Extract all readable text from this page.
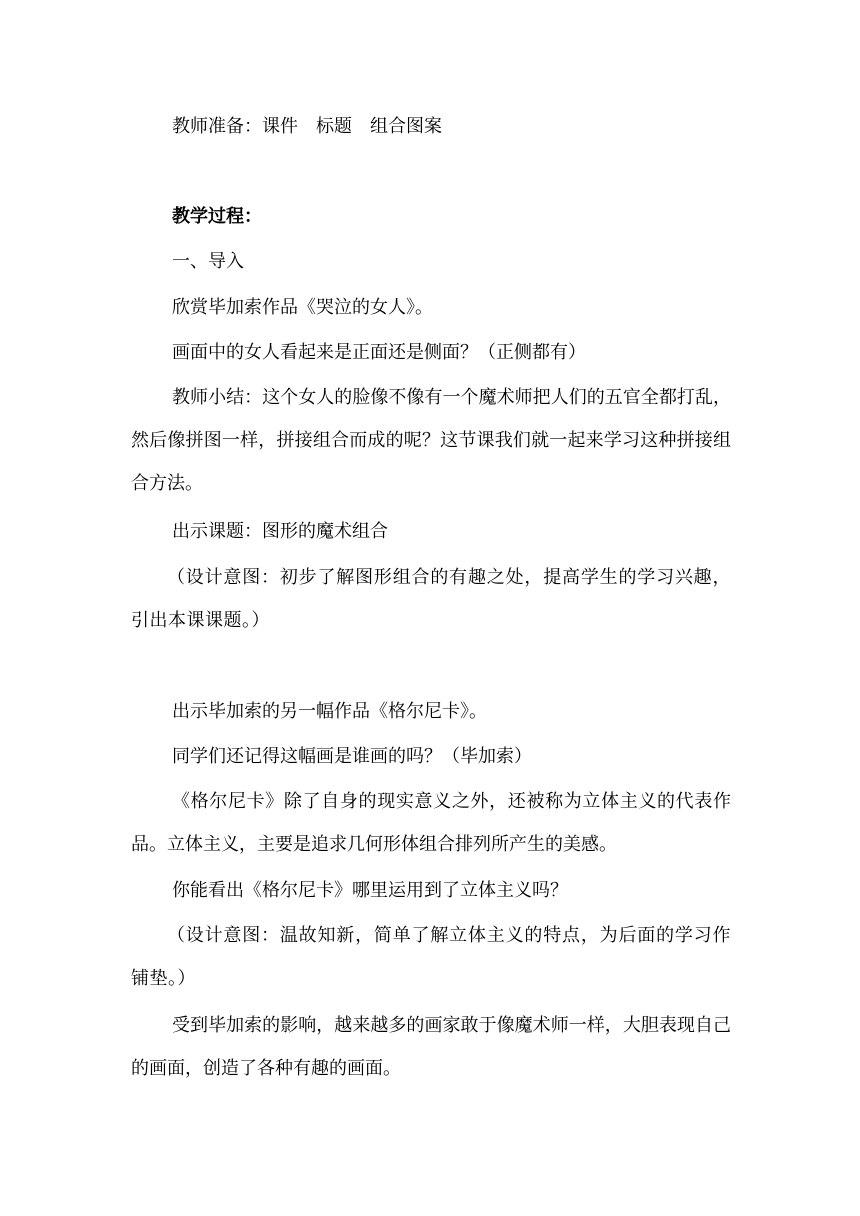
教师准备：课件　标题　组合图案

教学过程：

一、导入

欣赏毕加索作品《哭泣的女人》。

画面中的女人看起来是正面还是侧面？（正侧都有）

教师小结：这个女人的脸像不像有一个魔术师把人们的五官全都打乱，然后像拼图一样，拼接组合而成的呢？这节课我们就一起来学习这种拼接组合方法。

出示课题：图形的魔术组合

（设计意图：初步了解图形组合的有趣之处，提高学生的学习兴趣，引出本课课题。）

出示毕加索的另一幅作品《格尔尼卡》。

同学们还记得这幅画是谁画的吗？（毕加索）

《格尔尼卡》除了自身的现实意义之外，还被称为立体主义的代表作品。立体主义，主要是追求几何形体组合排列所产生的美感。

你能看出《格尔尼卡》哪里运用到了立体主义吗？

（设计意图：温故知新，简单了解立体主义的特点，为后面的学习作铺垫。）

受到毕加索的影响，越来越多的画家敢于像魔术师一样，大胆表现自己的画面，创造了各种有趣的画面。
